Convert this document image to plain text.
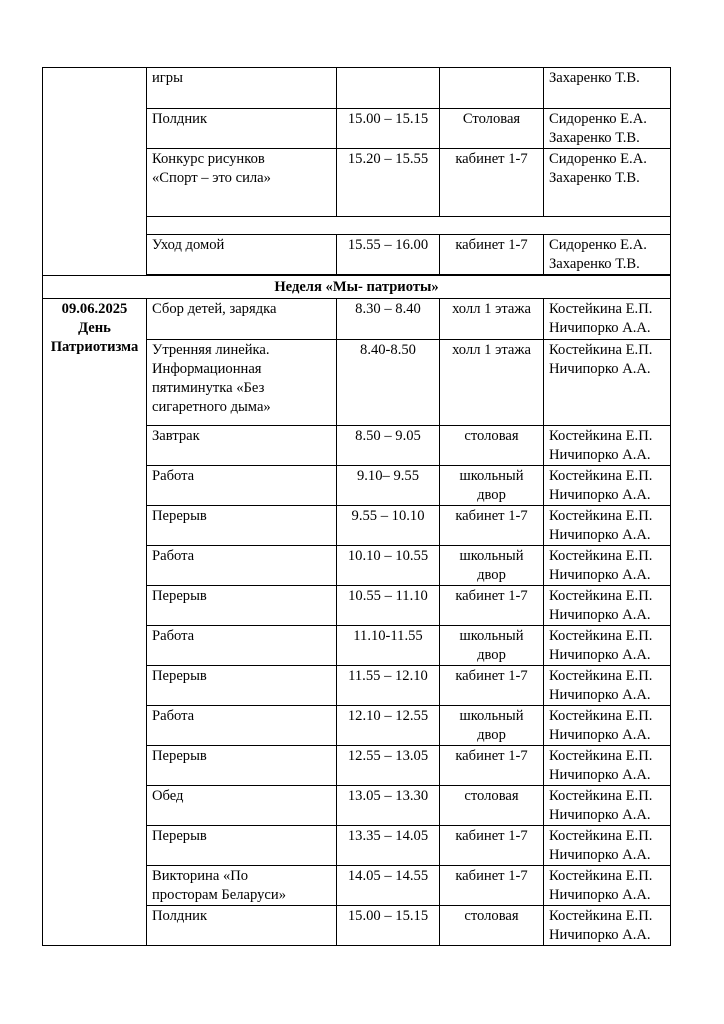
	игры			Захаренко Т.В.

	Полдник	15.00 – 15.15	Столовая	Сидоренко Е.А.
Захаренко Т.В.

	Конкурс рисунков
«Спорт – это сила»	15.20 – 15.55	кабинет 1-7	Сидоренко Е.А.
Захаренко Т.В.

	Уход домой	15.55 – 16.00	кабинет 1-7	Сидоренко Е.А.
Захаренко Т.В.

Неделя «Мы- патриоты»				

09.06.2025
День
Патриотизма	Сбор детей, зарядка	8.30 – 8.40	холл 1 этажа	Костейкина Е.П.
Ничипорко А.А.

	Утренняя линейка.
Информационная
пятиминутка «Без
сигаретного дыма»	8.40-8.50	холл 1 этажа	Костейкина Е.П.
Ничипорко А.А.

	Завтрак	8.50 – 9.05	столовая	Костейкина Е.П.
Ничипорко А.А.

	Работа	9.10– 9.55	школьный двор	Костейкина Е.П.
Ничипорко А.А.

	Перерыв	9.55 – 10.10	кабинет 1-7	Костейкина Е.П.
Ничипорко А.А.

	Работа	10.10 – 10.55	школьный двор	Костейкина Е.П.
Ничипорко А.А.

	Перерыв	10.55 – 11.10	кабинет 1-7	Костейкина Е.П.
Ничипорко А.А.

	Работа	11.10-11.55	школьный двор	Костейкина Е.П.
Ничипорко А.А.

	Перерыв	11.55 – 12.10	кабинет 1-7	Костейкина Е.П.
Ничипорко А.А.

	Работа	12.10 – 12.55	школьный двор	Костейкина Е.П.
Ничипорко А.А.

	Перерыв	12.55 – 13.05	кабинет 1-7	Костейкина Е.П.
Ничипорко А.А.

	Обед	13.05 – 13.30	столовая	Костейкина Е.П.
Ничипорко А.А.

	Перерыв	13.35 – 14.05	кабинет 1-7	Костейкина Е.П.
Ничипорко А.А.

	Викторина «По
просторам Беларуси»	14.05 – 14.55	кабинет 1-7	Костейкина Е.П.
Ничипорко А.А.

	Полдник	15.00 – 15.15	столовая	Костейкина Е.П.
Ничипорко А.А.
